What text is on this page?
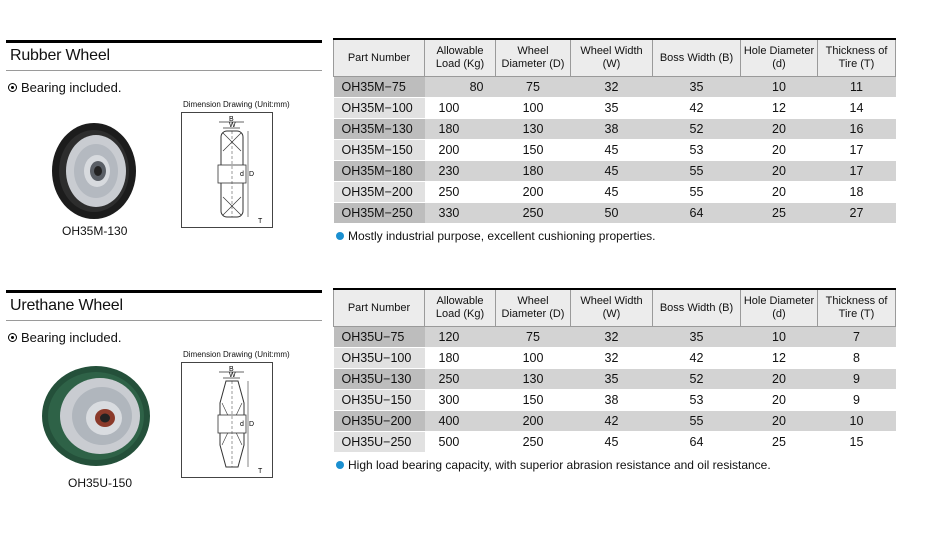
Rubber Wheel
Bearing included.
OH35M-130
Dimension Drawing (Unit:mm)
B
W
D
d
T
Part Number	Allowable Load (Kg)	Wheel Diameter (D)	Wheel Width (W)	Boss Width (B)	Hole Diameter (d)	Thickness of Tire (T)
OH35M−75	80	75	32	35	10	11
OH35M−100	100	100	35	42	12	14
OH35M−130	180	130	38	52	20	16
OH35M−150	200	150	45	53	20	17
OH35M−180	230	180	45	55	20	17
OH35M−200	250	200	45	55	20	18
OH35M−250	330	250	50	64	25	27
Mostly industrial purpose, excellent cushioning properties.
Urethane Wheel
Bearing included.
OH35U-150
Dimension Drawing (Unit:mm)
B
W
D
d
T
Part Number	Allowable Load (Kg)	Wheel Diameter (D)	Wheel Width (W)	Boss Width (B)	Hole Diameter (d)	Thickness of Tire (T)
OH35U−75	120	75	32	35	10	7
OH35U−100	180	100	32	42	12	8
OH35U−130	250	130	35	52	20	9
OH35U−150	300	150	38	53	20	9
OH35U−200	400	200	42	55	20	10
OH35U−250	500	250	45	64	25	15
High load bearing capacity, with superior abrasion resistance and oil resistance.
